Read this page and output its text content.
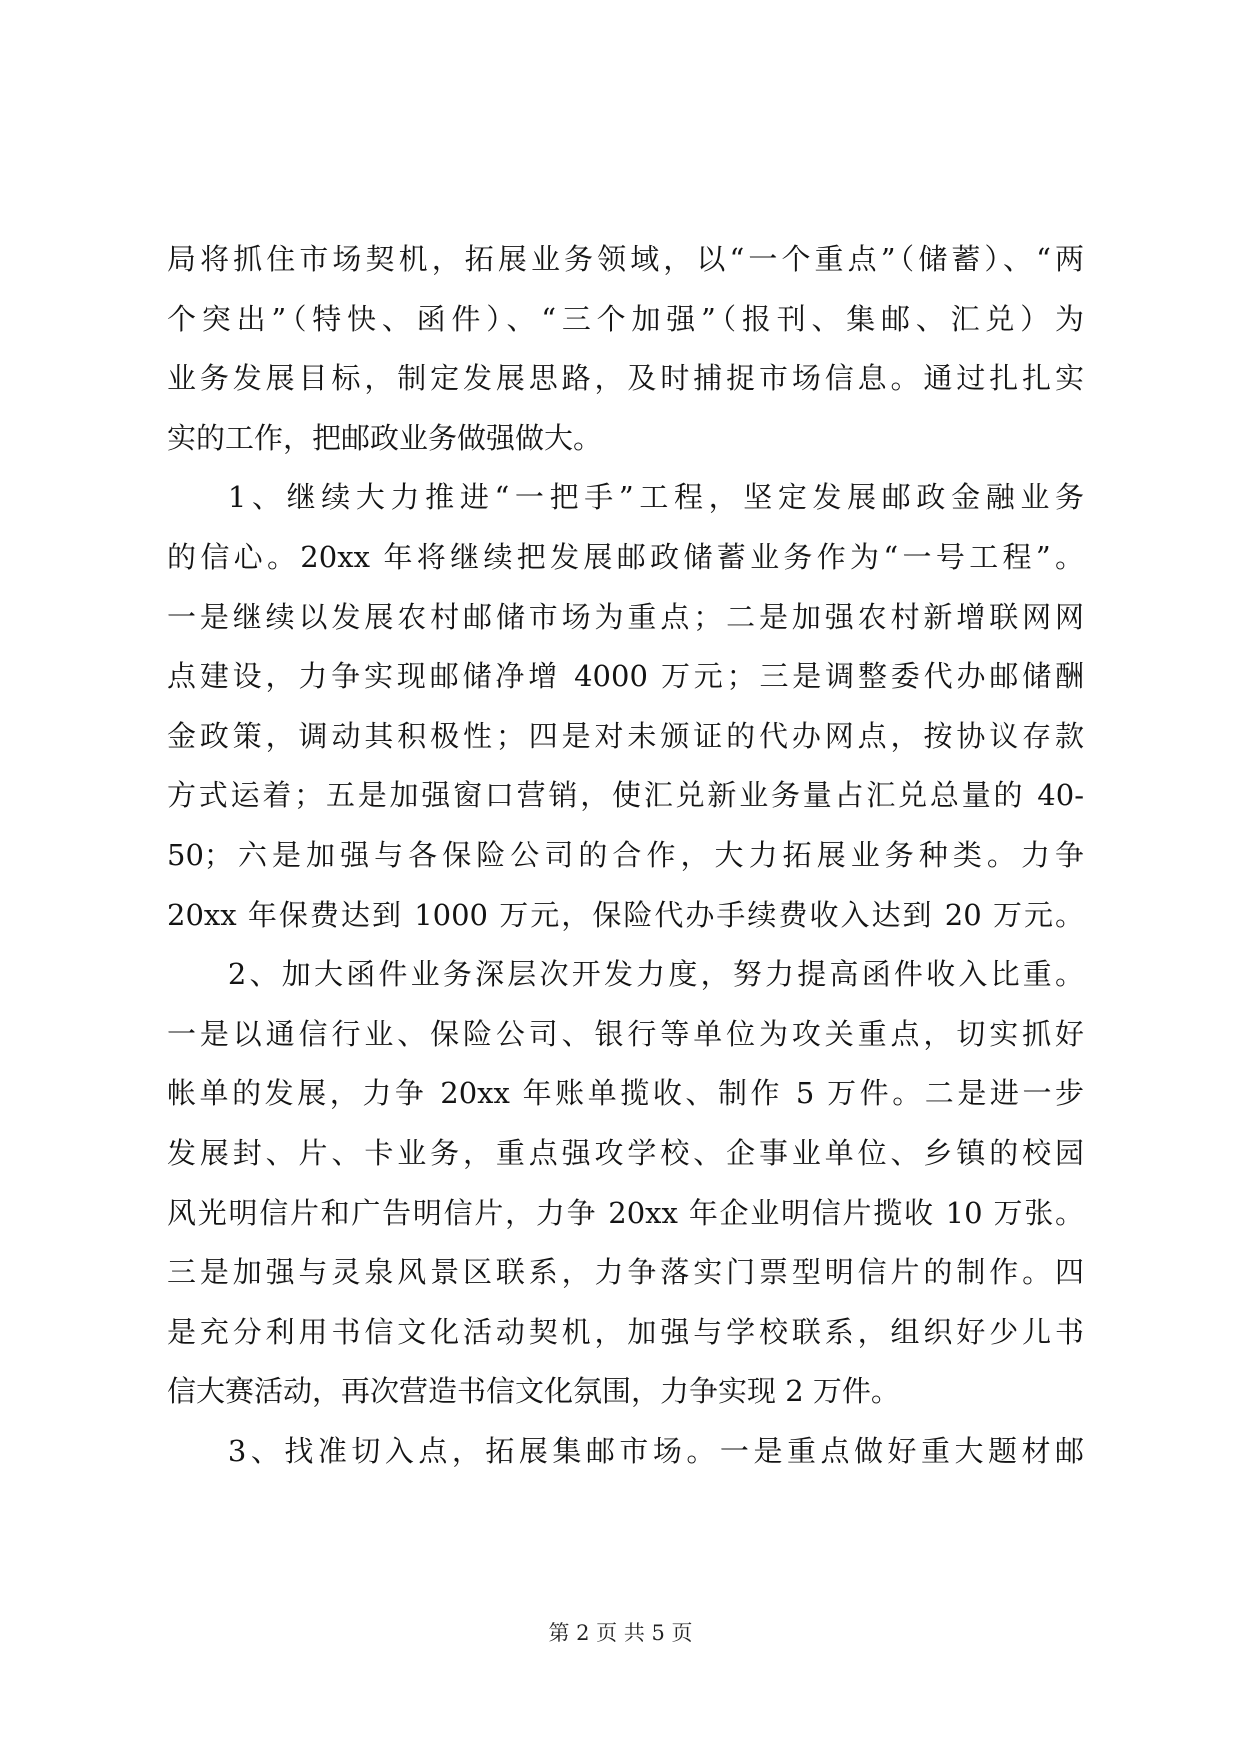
局将抓住市场契机，拓展业务领域，以“一个重点”（储蓄）、“两
个突出”（特快、函件）、“三个加强”（报刊、集邮、汇兑）为
业务发展目标，制定发展思路，及时捕捉市场信息。通过扎扎实
实的工作，把邮政业务做强做大。
1、继续大力推进“一把手”工程，坚定发展邮政金融业务
的信心。20xx 年将继续把发展邮政储蓄业务作为“一号工程”。
一是继续以发展农村邮储市场为重点；二是加强农村新增联网网
点建设，力争实现邮储净增 4000 万元；三是调整委代办邮储酬
金政策，调动其积极性；四是对未颁证的代办网点，按协议存款
方式运着；五是加强窗口营销，使汇兑新业务量占汇兑总量的 40-
50；六是加强与各保险公司的合作，大力拓展业务种类。力争
20xx 年保费达到 1000 万元，保险代办手续费收入达到 20 万元。
2、加大函件业务深层次开发力度，努力提高函件收入比重。
一是以通信行业、保险公司、银行等单位为攻关重点，切实抓好
帐单的发展，力争 20xx 年账单揽收、制作 5 万件。二是进一步
发展封、片、卡业务，重点强攻学校、企事业单位、乡镇的校园
风光明信片和广告明信片，力争 20xx 年企业明信片揽收 10 万张。
三是加强与灵泉风景区联系，力争落实门票型明信片的制作。四
是充分利用书信文化活动契机，加强与学校联系，组织好少儿书
信大赛活动，再次营造书信文化氛围，力争实现 2 万件。
3、找准切入点，拓展集邮市场。一是重点做好重大题材邮
第 2 页 共 5 页
